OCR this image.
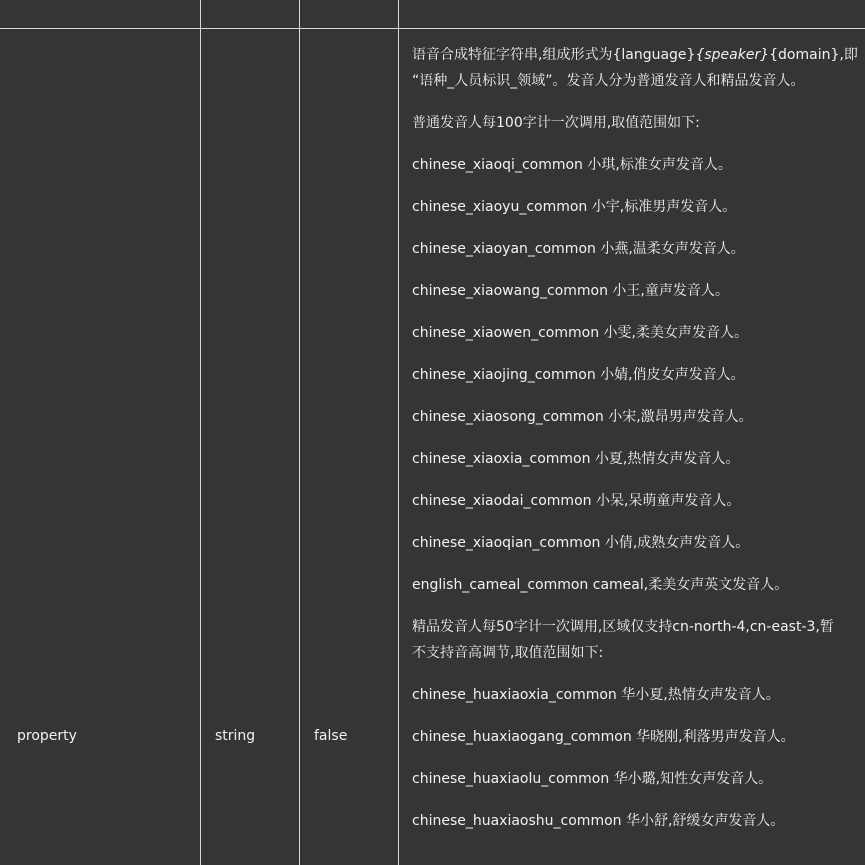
property	string	false

语音合成特征字符串,组成形式为{language}{speaker}{domain},即
“语种_人员标识_领域”。发音人分为普通发音人和精品发音人。

普通发音人每100字计一次调用,取值范围如下:

chinese_xiaoqi_common 小琪,标准女声发音人。

chinese_xiaoyu_common 小宇,标准男声发音人。

chinese_xiaoyan_common 小燕,温柔女声发音人。

chinese_xiaowang_common 小王,童声发音人。

chinese_xiaowen_common 小雯,柔美女声发音人。

chinese_xiaojing_common 小婧,俏皮女声发音人。

chinese_xiaosong_common 小宋,激昂男声发音人。

chinese_xiaoxia_common 小夏,热情女声发音人。

chinese_xiaodai_common 小呆,呆萌童声发音人。

chinese_xiaoqian_common 小倩,成熟女声发音人。

english_cameal_common cameal,柔美女声英文发音人。

精品发音人每50字计一次调用,区域仅支持cn-north-4,cn-east-3,暂
不支持音高调节,取值范围如下:

chinese_huaxiaoxia_common 华小夏,热情女声发音人。

chinese_huaxiaogang_common 华晓刚,利落男声发音人。

chinese_huaxiaolu_common 华小璐,知性女声发音人。

chinese_huaxiaoshu_common 华小舒,舒缓女声发音人。
